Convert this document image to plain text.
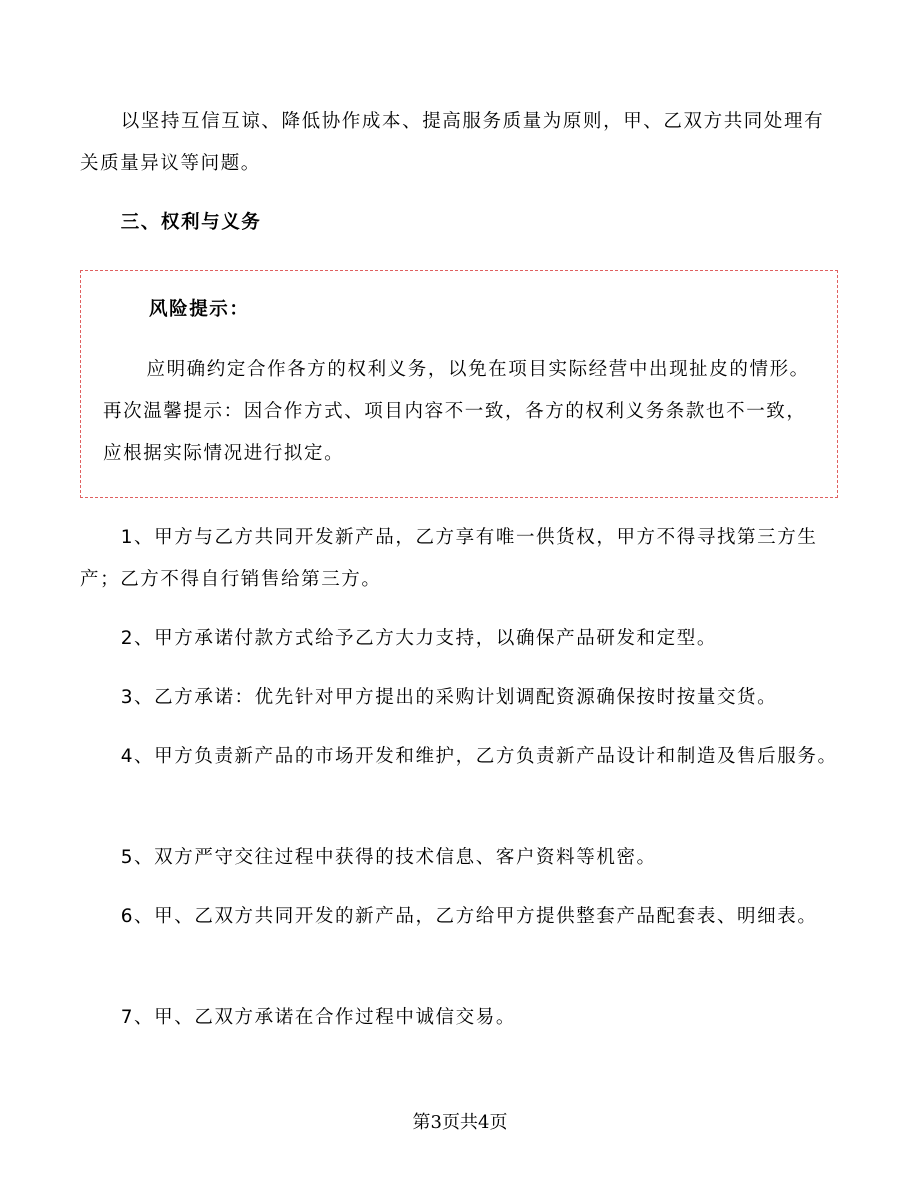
以坚持互信互谅、降低协作成本、提高服务质量为原则，甲、乙双方共同处理有关质量异议等问题。

三、权利与义务

风险提示：

应明确约定合作各方的权利义务，以免在项目实际经营中出现扯皮的情形。再次温馨提示：因合作方式、项目内容不一致，各方的权利义务条款也不一致，应根据实际情况进行拟定。

1、甲方与乙方共同开发新产品，乙方享有唯一供货权，甲方不得寻找第三方生产；乙方不得自行销售给第三方。

2、甲方承诺付款方式给予乙方大力支持，以确保产品研发和定型。

3、乙方承诺：优先针对甲方提出的采购计划调配资源确保按时按量交货。

4、甲方负责新产品的市场开发和维护，乙方负责新产品设计和制造及售后服务。

5、双方严守交往过程中获得的技术信息、客户资料等机密。

6、甲、乙双方共同开发的新产品，乙方给甲方提供整套产品配套表、明细表。

7、甲、乙双方承诺在合作过程中诚信交易。

第3页共4页
